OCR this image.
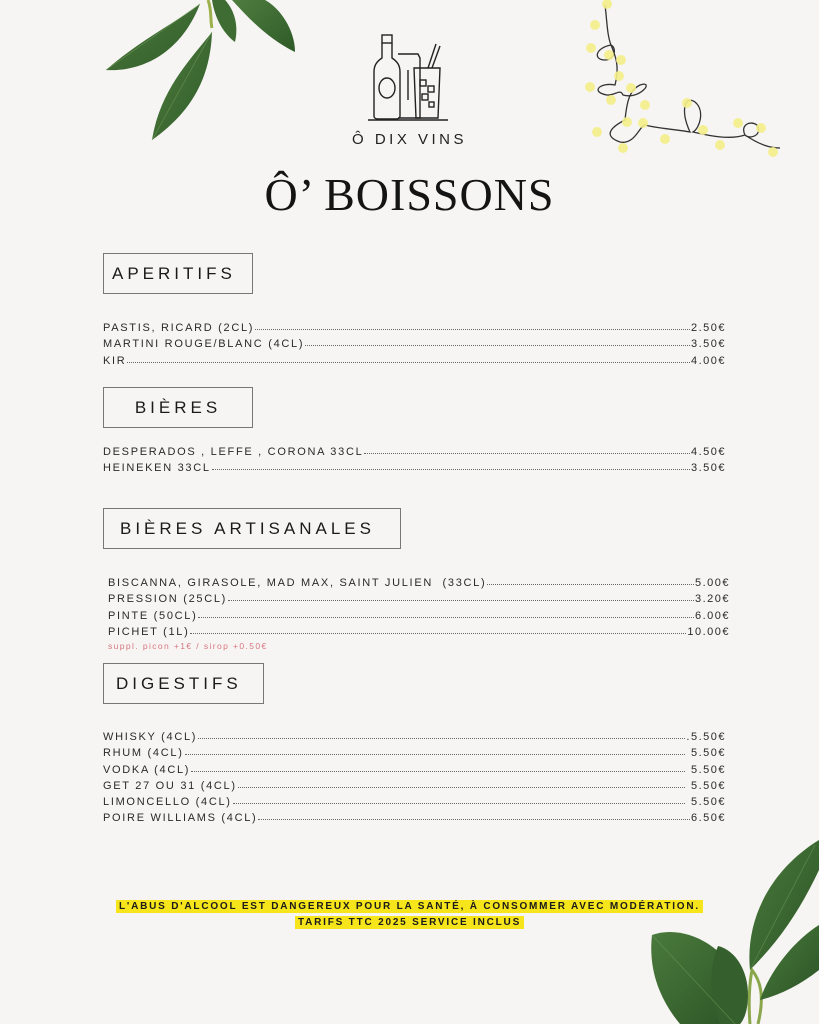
Ô DIX VINS
Ô’ BOISSONS
APERITIFS
PASTIS, RICARD (2CL)	2.50€
MARTINI ROUGE/BLANC (4CL)	3.50€
KIR	4.00€
BIÈRES
DESPERADOS , LEFFE , CORONA 33CL	4.50€
HEINEKEN 33CL	3.50€
BIÈRES ARTISANALES
BISCANNA, GIRASOLE, MAD MAX, SAINT JULIEN  (33CL)	5.00€
PRESSION (25CL)	3.20€
PINTE (50CL)	6.00€
PICHET (1L)	10.00€
suppl. picon +1€ / sirop +0.50€
DIGESTIFS
WHISKY (4CL)	.5.50€
RHUM (4CL)	5.50€
VODKA (4CL)	5.50€
GET 27 OU 31 (4CL)	5.50€
LIMONCELLO (4CL)	5.50€
POIRE WILLIAMS (4CL)	6.50€
L'ABUS D'ALCOOL EST DANGEREUX POUR LA SANTÉ, À CONSOMMER AVEC MODÉRATION.
TARIFS TTC 2025 SERVICE INCLUS
